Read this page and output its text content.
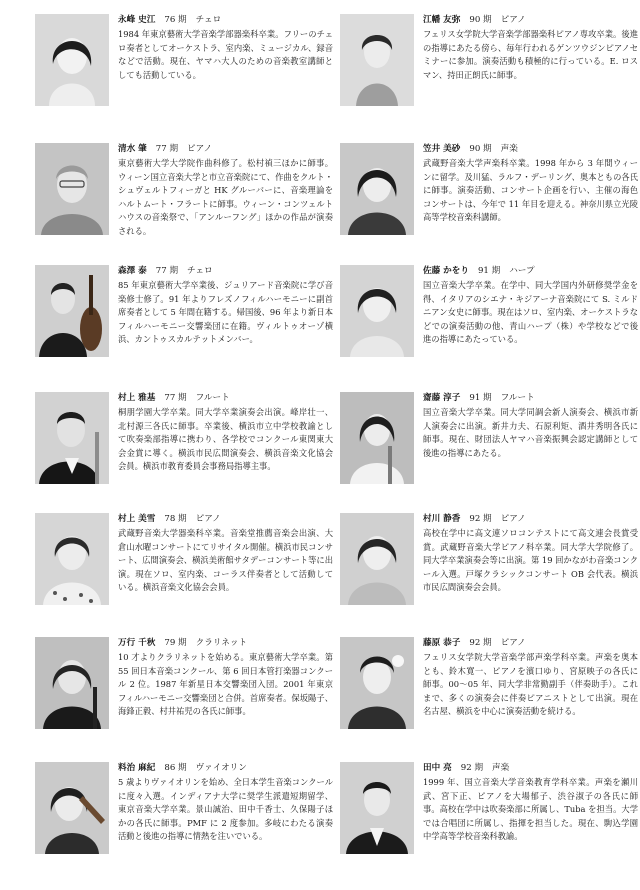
永峰 史江 76 期 チェロ
1984 年東京藝術大学音楽学部器楽科卒業。フリーのチェロ奏者としてオーケストラ、室内楽、ミュージカル、録音などで活動。現在、ヤマハ大人のための音楽教室講師としても活動している。
清水 肇 77 期 ピアノ
東京藝術大学大学院作曲科修了。松村禎三ほかに師事。ウィーン国立音楽大学と市立音楽院にて、作曲をクルト・シュヴェルトフィーガと HK グルーバーに、音楽理論をハルトムート・フラートに師事。ウィーン・コンツェルトハウスの音楽祭で、「アンルーフング」ほかの作品が演奏される。
森澤 泰 77 期 チェロ
85 年東京藝術大学卒業後、ジュリアード音楽院に学び音楽修士修了。91 年よりフレズノフィルハーモニーに副首席奏者として 5 年間在籍する。帰国後、96 年より新日本フィルハーモニー交響楽団に在籍。ヴィルトゥオーゾ横浜、カントゥスカルテットメンバー。
村上 雅基 77 期 フルート
桐朋学園大学卒業。同大学卒業演奏会出演。峰岸壮一、北村源三各氏に師事。卒業後、横浜市立中学校教諭として吹奏楽部指導に携わり、各学校でコンクール東関東大会金賞に導く。横浜市民広間演奏会、横浜音楽文化協会会員。横浜市教育委員会事務局指導主事。
村上 美雪 78 期 ピアノ
武蔵野音楽大学器楽科卒業。音楽堂推薦音楽会出演、大倉山水曜コンサートにてリサイタル開催。横浜市民コンサート、広間演奏会、横浜美術館サタデーコンサート等に出演。現在ソロ、室内楽、コーラス伴奏者として活動している。横浜音楽文化協会会員。
万行 千秋 79 期 クラリネット
10 才よりクラリネットを始める。東京藝術大学卒業。第 55 回日本音楽コンクール、第 6 回日本管打楽器コンクール 2 位。1987 年新星日本交響楽団入団。2001 年東京フィルハーモニー交響楽団と合併。首席奏者。保坂陽子、海鋒正毅、村井祐児の各氏に師事。
料治 麻紀 86 期 ヴァイオリン
5 歳よりヴァイオリンを始め、全日本学生音楽コンクールに度々入選。インディアナ大学に奨学生派遣短期留学、東京音楽大学卒業。景山誠治、田中千香士、久保陽子ほかの各氏に師事。PMF に 2 度参加。多岐にわたる演奏活動と後進の指導に情熱を注いでいる。
江幡 友弥 90 期 ピアノ
フェリス女学院大学音楽学部器楽科ピアノ専攻卒業。後進の指導にあたる傍ら、毎年行われるゲンツウジンピアノセミナーに参加。演奏活動も積極的に行っている。E. ロスマン、持田正朗氏に師事。
笠井 美砂 90 期 声楽
武蔵野音楽大学声楽科卒業。1998 年から 3 年間ウィーンに留学。及川猛、ラルフ・デーリング、奥本ともの各氏に師事。演奏活動、コンサート企画を行い、主催の海色コンサートは、今年で 11 年目を迎える。神奈川県立光陵高等学校音楽科講師。
佐藤 かをり 91 期 ハープ
国立音楽大学卒業。在学中、同大学国内外研修奨学金を得、イタリアのシエナ・キジアーナ音楽院にて S. ミルドニアン女史に師事。現在はソロ、室内楽、オーケストラなどでの演奏活動の他、青山ハープ（株）や学校などで後進の指導にあたっている。
齋藤 淳子 91 期 フルート
国立音楽大学卒業。同大学同調会新人演奏会、横浜市新人演奏会に出演。新井力夫、石原利矩、酒井秀明各氏に師事。現在、財団法人ヤマハ音楽振興会認定講師として後進の指導にあたる。
村川 静香 92 期 ピアノ
高校在学中に高文連ソロコンテストにて高文連会長賞受賞。武蔵野音楽大学ピアノ科卒業。同大学大学院修了。同大学卒業演奏会等に出演。第 19 回かながわ音楽コンクール入選。戸塚クラシックコンサート OB 会代表。横浜市民広間演奏会会員。
藤原 恭子 92 期 ピアノ
フェリス女学院大学音楽学部声楽学科卒業。声楽を奥本とも、鈴木寛一、ピアノを濱口ゆり、宮原映子の各氏に師事。00～05 年、同大学非常勤副手（伴奏助手）。これまで、多くの演奏会に伴奏ピアニストとして出演。現在名古屋、横浜を中心に演奏活動を続ける。
田中 亮 92 期 声楽
1999 年、国立音楽大学音楽教育学科卒業。声楽を瀬川武、宮下正、ピアノを大場郁子、渋谷淑子の各氏に師事。高校在学中は吹奏楽部に所属し、Tuba を担当。大学では合唱団に所属し、指揮を担当した。現在、駒込学園中学高等学校音楽科教諭。
